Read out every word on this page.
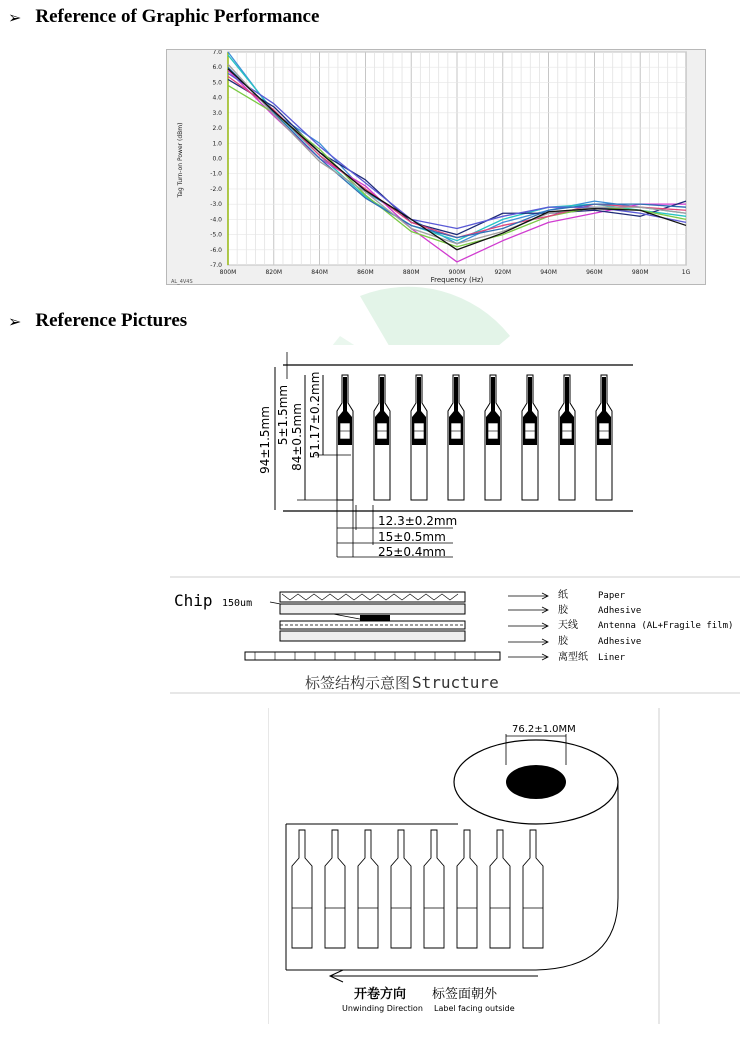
➢ Reference of Graphic Performance
7.0
6.0
5.0
4.0
3.0
2.0
1.0
0.0
-1.0
-2.0
-3.0
-4.0
-5.0
-6.0
-7.0
800M	820M	840M	860M	880M	900M	920M	940M	960M	980M	1G
Tag Turn-on Power (dBm)
Frequency (Hz)
AL_4V4S
➢ Reference Pictures
94±1.5mm 5±1.5mm 84±0.5mm 51.17±0.2mm
12.3±0.2mm
15±0.5mm
25±0.4mm
Chip 150um
纸	Paper
胶	Adhesive
天线 Antenna (AL+Fragile film)
胶	Adhesive
离型纸 Liner
标签结构示意图 Structure
76.2±1.0MM
开卷方向 标签面朝外
Unwinding Direction Label facing outside
